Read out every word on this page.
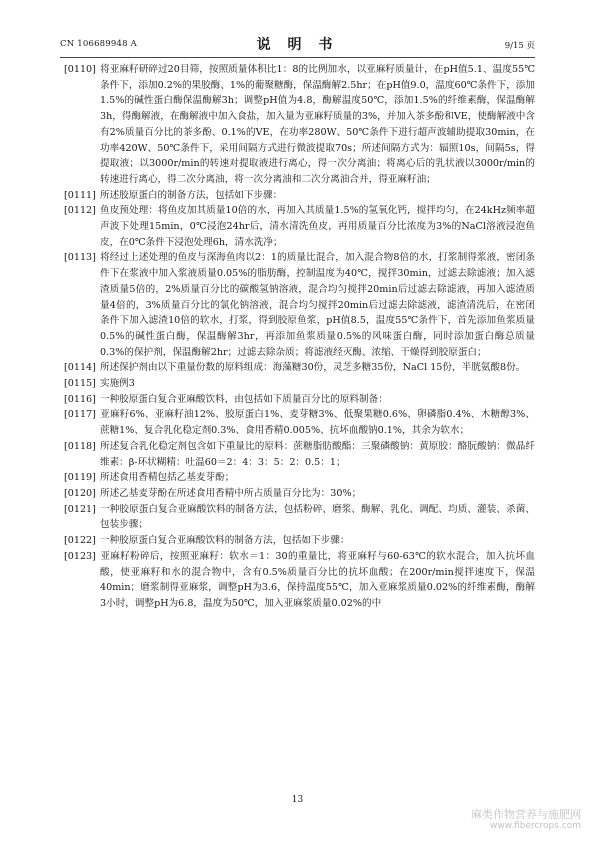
CN 106689948 A	说 明 书	9/15 页

[0110] 将亚麻籽研碎过20目筛，按照质量体积比1：8的比例加水，以亚麻籽质量计，在pH值5.1、温度55℃条件下，添加0.2%的果胶酶、1%的葡聚糖酶，保温酶解2.5hr；在pH值9.0，温度60℃条件下，添加1.5%的碱性蛋白酶保温酶解3h；调整pH值为4.8，酶解温度50℃，添加1.5%的纤维素酶，保温酶解3h，得酶解液，在酶解液中加入食盐，加入量为亚麻籽质量的3%，并加入茶多酚和VE，使酶解液中含有2%质量百分比的茶多酚、0.1%的VE，在功率280W、50℃条件下进行超声波辅助提取30min，在功率420W、50℃条件下，采用间隔方式进行微波提取70s；所述间隔方式为：辐照10s，间隔5s，得提取液；以3000r/min的转速对提取液进行离心，得一次分离油；将离心后的乳状液以3000r/min的转速进行离心，得二次分离油，将一次分离油和二次分离油合并，得亚麻籽油；

[0111] 所述胶原蛋白的制备方法，包括如下步骤：

[0112] 鱼皮预处理：将鱼皮加其质量10倍的水，再加入其质量1.5%的氢氧化钙，搅拌均匀，在24kHz频率超声波下处理15min，0℃浸泡24hr后，清水清洗鱼皮，再用质量百分比浓度为3%的NaCl溶液浸泡鱼皮，在0℃条件下浸泡处理6h，清水洗净；

[0113] 将经过上述处理的鱼皮与深海鱼肉以2：1的质量比混合，加入混合物8倍的水，打浆制得浆液，密闭条件下在浆液中加入浆液质量0.05%的脂肪酶，控制温度为40℃，搅拌30min，过滤去除滤液；加入滤渣质量5倍的，2%质量百分比的碳酸氢钠溶液，混合均匀搅拌20min后过滤去除滤液，再加入滤渣质量4倍的，3%质量百分比的氯化钠溶液，混合均匀搅拌20min后过滤去除滤液，滤渣清洗后，在密闭条件下加入滤渣10倍的软水，打浆，得到胶原鱼浆，pH值8.5，温度55℃条件下，首先添加鱼浆质量0.5%的碱性蛋白酶，保温酶解3hr，再添加鱼浆质量0.5%的风味蛋白酶，同时添加蛋白酶总质量0.3%的保护剂，保温酶解2hr；过滤去除杂质；将滤液经灭酶、浓缩、干燥得到胶原蛋白；

[0114] 所述保护剂由以下重量份数的原料组成：海藻糖30份，灵芝多糖35份，NaCl 15份，半胱氨酸8份。

[0115] 实施例3

[0116] 一种胶原蛋白复合亚麻酸饮料，由包括如下质量百分比的原料制备：

[0117] 亚麻籽6%、亚麻籽油12%、胶原蛋白1%、麦芽糖3%、低聚果糖0.6%、卵磷脂0.4%、木糖醇3%、蔗糖1%、复合乳化稳定剂0.3%、食用香精0.005%、抗坏血酸钠0.1%，其余为软水；

[0118] 所述复合乳化稳定剂包含如下重量比的原料：蔗糖脂肪酸酯：三聚磷酸钠：黄原胶：酪朊酸钠：微晶纤维素：β-环状糊精：吐温60＝2：4：3：5：2：0.5：1；

[0119] 所述食用香精包括乙基麦芽酚；

[0120] 所述乙基麦芽酚在所述食用香精中所占质量百分比为：30%；

[0121] 一种胶原蛋白复合亚麻酸饮料的制备方法，包括粉碎、磨浆、酶解、乳化、调配、均质、灌装、杀菌、包装步骤；

[0122] 一种胶原蛋白复合亚麻酸饮料的制备方法，包括如下步骤：

[0123] 亚麻籽粉碎后，按照亚麻籽：软水＝1：30的重量比，将亚麻籽与60-63℃的软水混合，加入抗坏血酸，使亚麻籽和水的混合物中，含有0.5%质量百分比的抗坏血酸；在200r/min搅拌速度下，保温40min；磨浆制得亚麻浆，调整pH为3.6，保持温度55℃，加入亚麻浆质量0.02%的纤维素酶，酶解3小时，调整pH为6.8，温度为50℃，加入亚麻浆质量0.02%的中

13
麻类作物营养与施肥网
www.fibercrops.com
